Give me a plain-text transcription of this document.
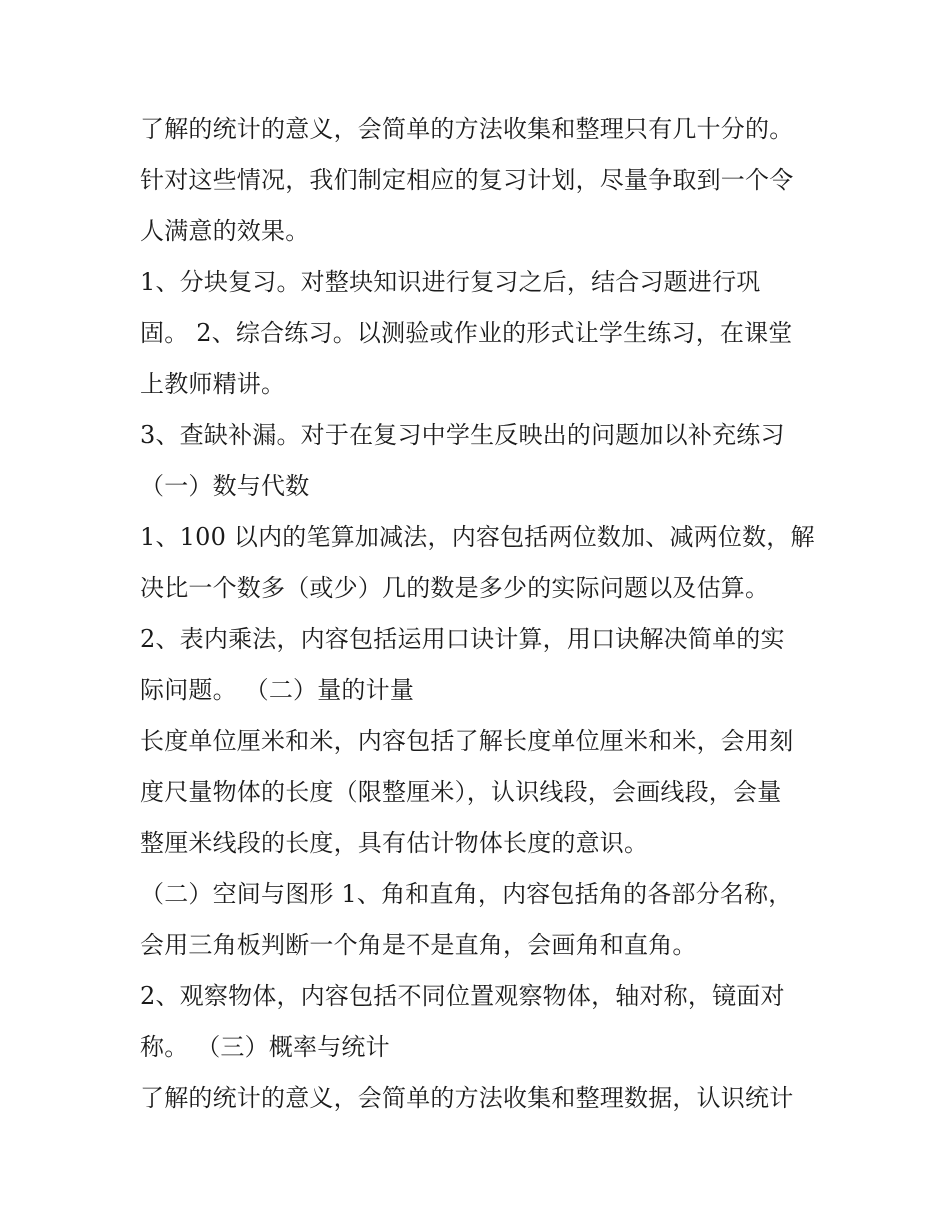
了解的统计的意义，会简单的方法收集和整理只有几十分的。
针对这些情况，我们制定相应的复习计划，尽量争取到一个令
人满意的效果。
1、分块复习。对整块知识进行复习之后，结合习题进行巩
固。 2、综合练习。以测验或作业的形式让学生练习，在课堂
上教师精讲。
3、查缺补漏。对于在复习中学生反映出的问题加以补充练习
（一）数与代数
1、100 以内的笔算加减法，内容包括两位数加、减两位数，解
决比一个数多（或少）几的数是多少的实际问题以及估算。
2、表内乘法，内容包括运用口诀计算，用口诀解决简单的实
际问题。 （二）量的计量
长度单位厘米和米，内容包括了解长度单位厘米和米，会用刻
度尺量物体的长度（限整厘米），认识线段，会画线段，会量
整厘米线段的长度，具有估计物体长度的意识。
（二）空间与图形 1、角和直角，内容包括角的各部分名称，
会用三角板判断一个角是不是直角，会画角和直角。
2、观察物体，内容包括不同位置观察物体，轴对称，镜面对
称。 （三）概率与统计
了解的统计的意义，会简单的方法收集和整理数据，认识统计
